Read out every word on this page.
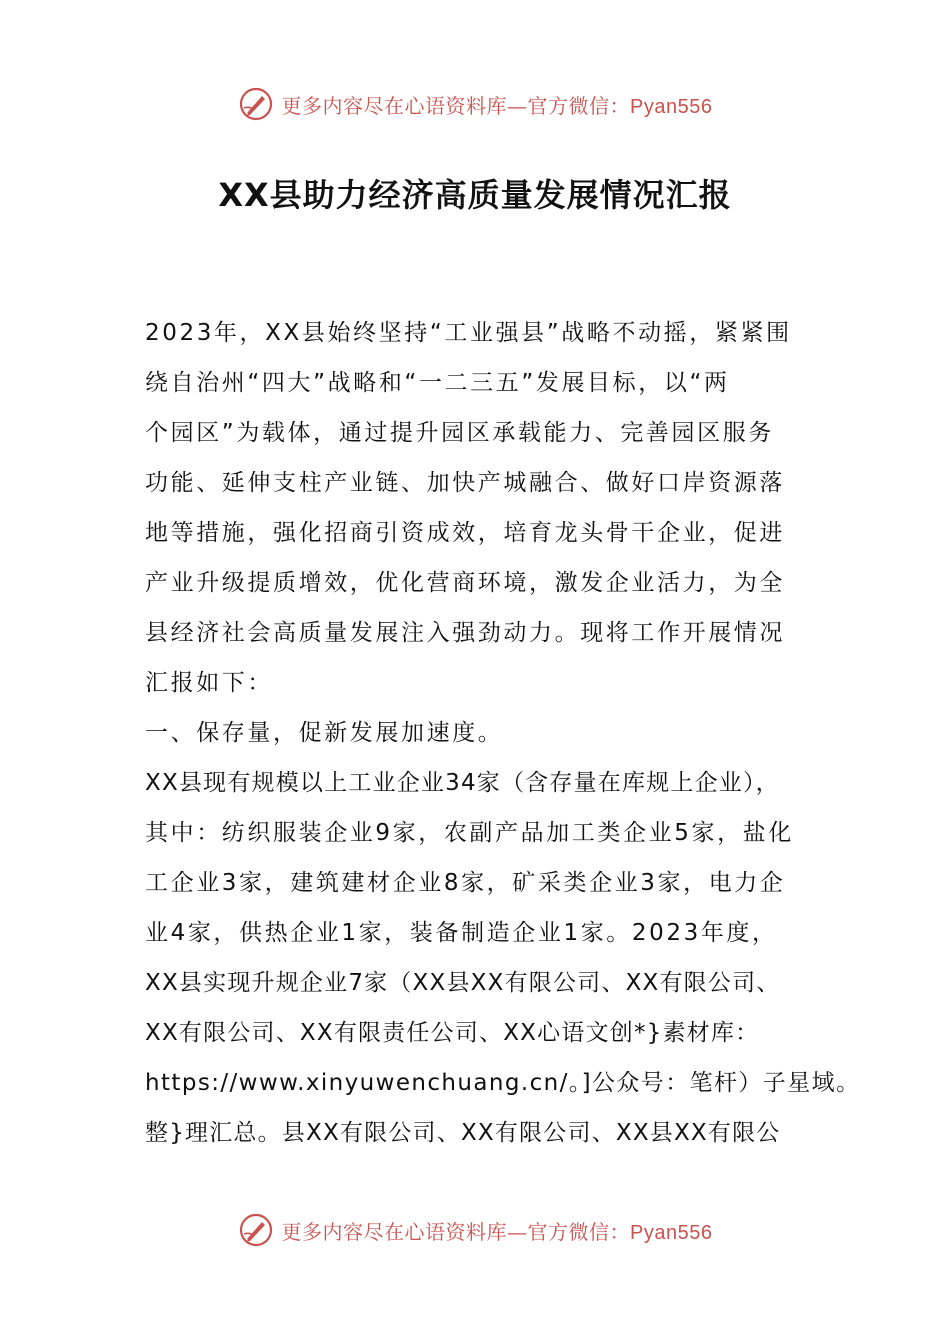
更多内容尽在心语资料库—官方微信：Pyan556
XX县助力经济高质量发展情况汇报
2023年，XX县始终坚持“工业强县”战略不动摇，紧紧围
绕自治州“四大”战略和“一二三五”发展目标，以“两
个园区”为载体，通过提升园区承载能力、完善园区服务
功能、延伸支柱产业链、加快产城融合、做好口岸资源落
地等措施，强化招商引资成效，培育龙头骨干企业，促进
产业升级提质增效，优化营商环境，激发企业活力，为全
县经济社会高质量发展注入强劲动力。现将工作开展情况
汇报如下：
一、保存量，促新发展加速度。
XX县现有规模以上工业企业34家（含存量在库规上企业），
其中：纺织服装企业9家，农副产品加工类企业5家，盐化
工企业3家，建筑建材企业8家，矿采类企业3家，电力企
业4家，供热企业1家，装备制造企业1家。2023年度，
XX县实现升规企业7家（XX县XX有限公司、XX有限公司、
XX有限公司、XX有限责任公司、XX心语文创*}素材库：
https://www.xinyuwenchuang.cn/。]公众号：笔杆）子星域。
整}理汇总。县XX有限公司、XX有限公司、XX县XX有限公
更多内容尽在心语资料库—官方微信：Pyan556
